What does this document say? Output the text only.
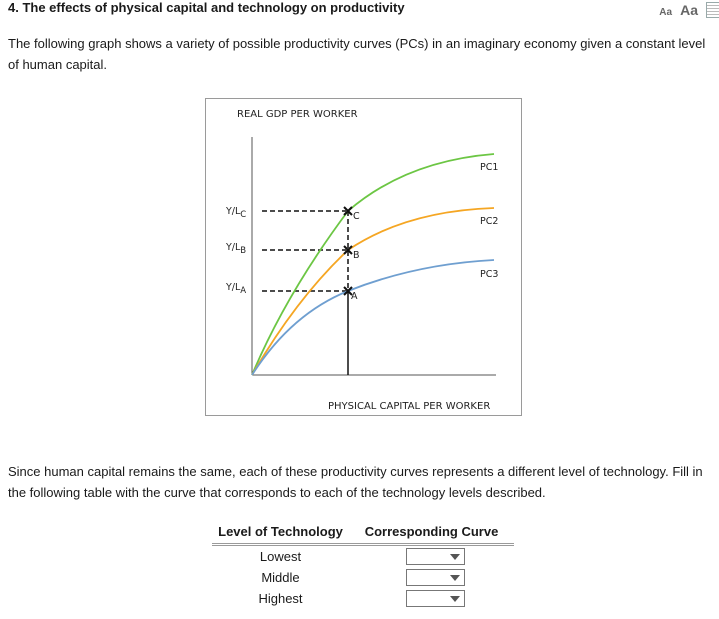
4. The effects of physical capital and technology on productivity	Aa Aa
The following graph shows a variety of possible productivity curves (PCs) in an imaginary economy given a constant level of human capital.
REAL GDP PER WORKER
PHYSICAL CAPITAL PER WORKER
PC1
PC2
PC3
Y/LC
Y/LB
Y/LA
C
B
A
Since human capital remains the same, each of these productivity curves represents a different level of technology. Fill in the following table with the curve that corresponds to each of the technology levels described.
Level of Technology	Corresponding Curve
Lowest	

Middle	

Highest	
